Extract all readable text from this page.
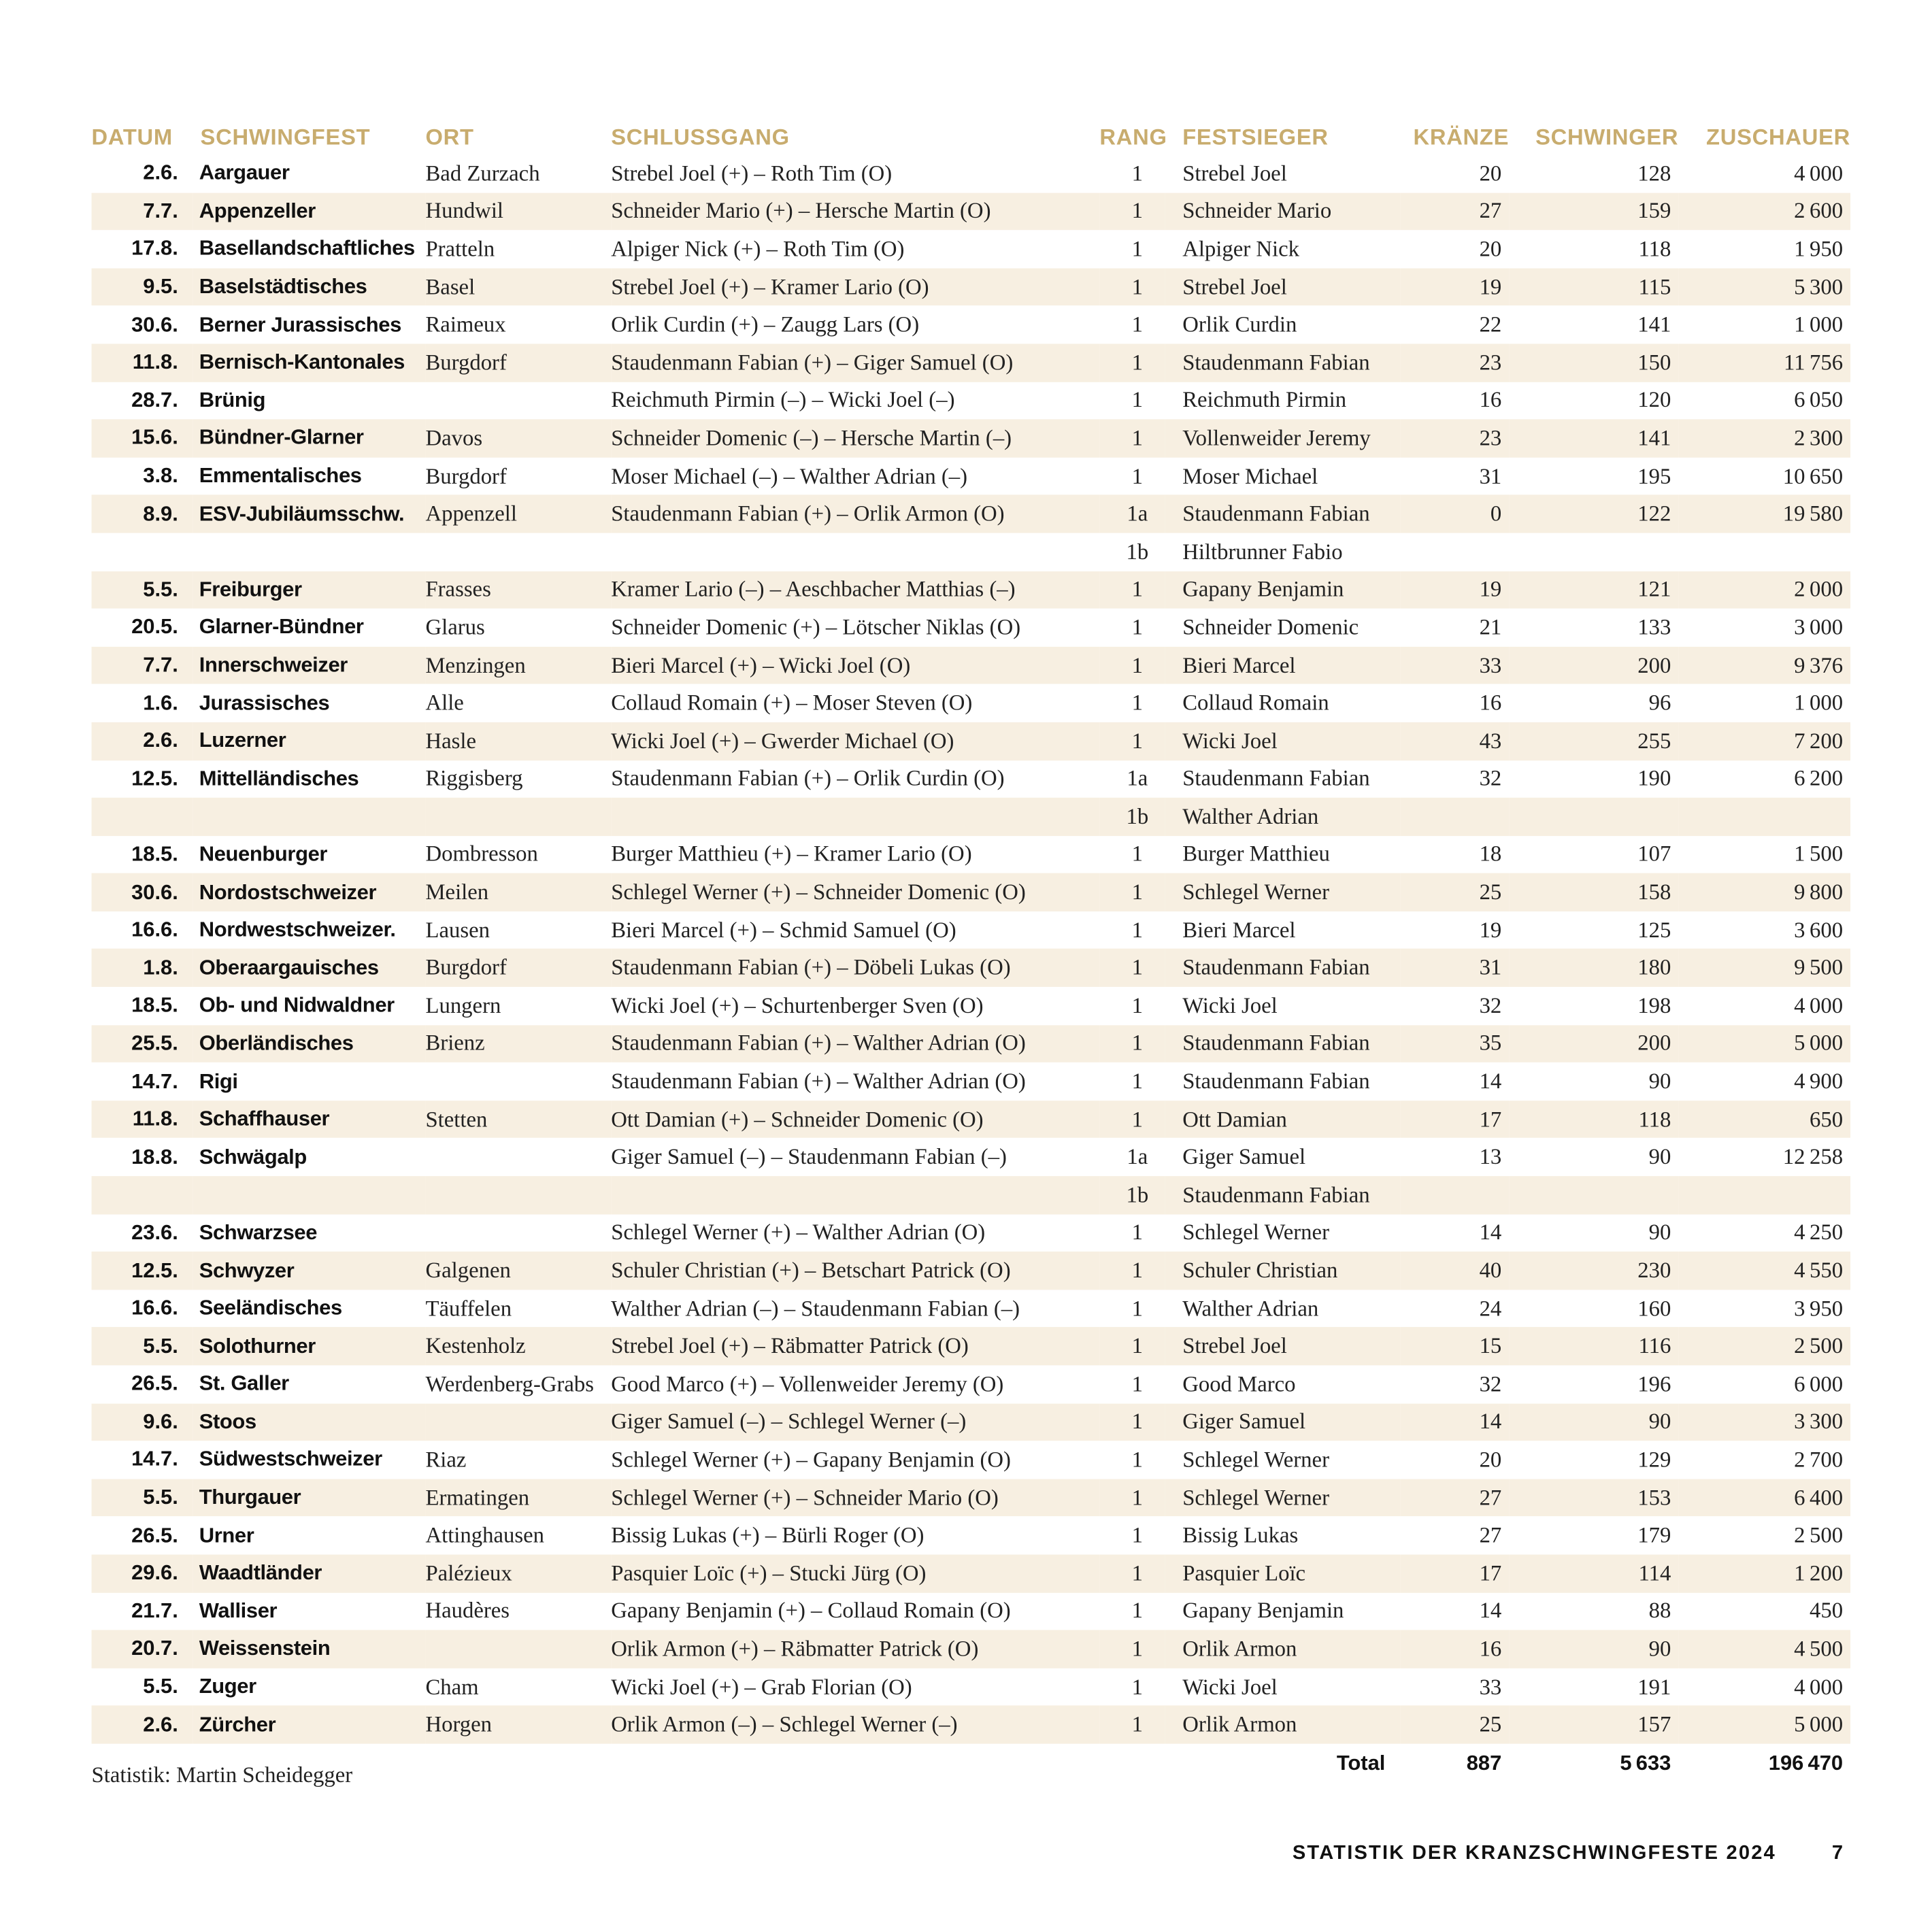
DATUM	SCHWINGFEST	ORT	SCHLUSSGANG	RANG	FESTSIEGER	KRÄNZE	SCHWINGER	ZUSCHAUER
2.6.	Aargauer	Bad Zurzach	Strebel Joel (+) – Roth Tim (O)	1	Strebel Joel	20	128	4 000
7.7.	Appenzeller	Hundwil	Schneider Mario (+) – Hersche Martin (O)	1	Schneider Mario	27	159	2 600
17.8.	Basellandschaftliches	Pratteln	Alpiger Nick (+) – Roth Tim (O)	1	Alpiger Nick	20	118	1 950
9.5.	Baselstädtisches	Basel	Strebel Joel (+) – Kramer Lario (O)	1	Strebel Joel	19	115	5 300
30.6.	Berner Jurassisches	Raimeux	Orlik Curdin (+) – Zaugg Lars (O)	1	Orlik Curdin	22	141	1 000
11.8.	Bernisch-Kantonales	Burgdorf	Staudenmann Fabian (+) – Giger Samuel (O)	1	Staudenmann Fabian	23	150	11 756
28.7.	Brünig		Reichmuth Pirmin (–) – Wicki Joel (–)	1	Reichmuth Pirmin	16	120	6 050
15.6.	Bündner-Glarner	Davos	Schneider Domenic (–) – Hersche Martin (–)	1	Vollenweider Jeremy	23	141	2 300
3.8.	Emmentalisches	Burgdorf	Moser Michael (–) – Walther Adrian (–)	1	Moser Michael	31	195	10 650
8.9.	ESV-Jubiläumsschw.	Appenzell	Staudenmann Fabian (+) – Orlik Armon (O)	1a	Staudenmann Fabian	0	122	19 580
				1b	Hiltbrunner Fabio			
5.5.	Freiburger	Frasses	Kramer Lario (–) – Aeschbacher Matthias (–)	1	Gapany Benjamin	19	121	2 000
20.5.	Glarner-Bündner	Glarus	Schneider Domenic (+) – Lötscher Niklas (O)	1	Schneider Domenic	21	133	3 000
7.7.	Innerschweizer	Menzingen	Bieri Marcel (+) – Wicki Joel (O)	1	Bieri Marcel	33	200	9 376
1.6.	Jurassisches	Alle	Collaud Romain (+) – Moser Steven (O)	1	Collaud Romain	16	96	1 000
2.6.	Luzerner	Hasle	Wicki Joel (+) – Gwerder Michael (O)	1	Wicki Joel	43	255	7 200
12.5.	Mittelländisches	Riggisberg	Staudenmann Fabian (+) – Orlik Curdin (O)	1a	Staudenmann Fabian	32	190	6 200
				1b	Walther Adrian			
18.5.	Neuenburger	Dombresson	Burger Matthieu (+) – Kramer Lario (O)	1	Burger Matthieu	18	107	1 500
30.6.	Nordostschweizer	Meilen	Schlegel Werner (+) – Schneider Domenic (O)	1	Schlegel Werner	25	158	9 800
16.6.	Nordwestschweizer.	Lausen	Bieri Marcel (+) – Schmid Samuel (O)	1	Bieri Marcel	19	125	3 600
1.8.	Oberaargauisches	Burgdorf	Staudenmann Fabian (+) – Döbeli Lukas (O)	1	Staudenmann Fabian	31	180	9 500
18.5.	Ob- und Nidwaldner	Lungern	Wicki Joel (+) – Schurtenberger Sven (O)	1	Wicki Joel	32	198	4 000
25.5.	Oberländisches	Brienz	Staudenmann Fabian (+) – Walther Adrian (O)	1	Staudenmann Fabian	35	200	5 000
14.7.	Rigi		Staudenmann Fabian (+) – Walther Adrian (O)	1	Staudenmann Fabian	14	90	4 900
11.8.	Schaffhauser	Stetten	Ott Damian (+) – Schneider Domenic (O)	1	Ott Damian	17	118	650
18.8.	Schwägalp		Giger Samuel (–) – Staudenmann Fabian (–)	1a	Giger Samuel	13	90	12 258
				1b	Staudenmann Fabian			
23.6.	Schwarzsee		Schlegel Werner (+) – Walther Adrian (O)	1	Schlegel Werner	14	90	4 250
12.5.	Schwyzer	Galgenen	Schuler Christian (+) – Betschart Patrick (O)	1	Schuler Christian	40	230	4 550
16.6.	Seeländisches	Täuffelen	Walther Adrian (–) – Staudenmann Fabian (–)	1	Walther Adrian	24	160	3 950
5.5.	Solothurner	Kestenholz	Strebel Joel (+) – Räbmatter Patrick (O)	1	Strebel Joel	15	116	2 500
26.5.	St. Galler	Werdenberg-Grabs	Good Marco (+) – Vollenweider Jeremy (O)	1	Good Marco	32	196	6 000
9.6.	Stoos		Giger Samuel (–) – Schlegel Werner (–)	1	Giger Samuel	14	90	3 300
14.7.	Südwestschweizer	Riaz	Schlegel Werner (+) – Gapany Benjamin (O)	1	Schlegel Werner	20	129	2 700
5.5.	Thurgauer	Ermatingen	Schlegel Werner (+) – Schneider Mario (O)	1	Schlegel Werner	27	153	6 400
26.5.	Urner	Attinghausen	Bissig Lukas (+) – Bürli Roger (O)	1	Bissig Lukas	27	179	2 500
29.6.	Waadtländer	Palézieux	Pasquier Loïc (+) – Stucki Jürg (O)	1	Pasquier Loïc	17	114	1 200
21.7.	Walliser	Haudères	Gapany Benjamin (+) – Collaud Romain (O)	1	Gapany Benjamin	14	88	450
20.7.	Weissenstein		Orlik Armon (+) – Räbmatter Patrick (O)	1	Orlik Armon	16	90	4 500
5.5.	Zuger	Cham	Wicki Joel (+) – Grab Florian (O)	1	Wicki Joel	33	191	4 000
2.6.	Zürcher	Horgen	Orlik Armon (–) – Schlegel Werner (–)	1	Orlik Armon	25	157	5 000
					Total	887	5 633	196 470
Statistik: Martin Scheidegger
STATISTIK DER KRANZSCHWINGFESTE 2024	7
